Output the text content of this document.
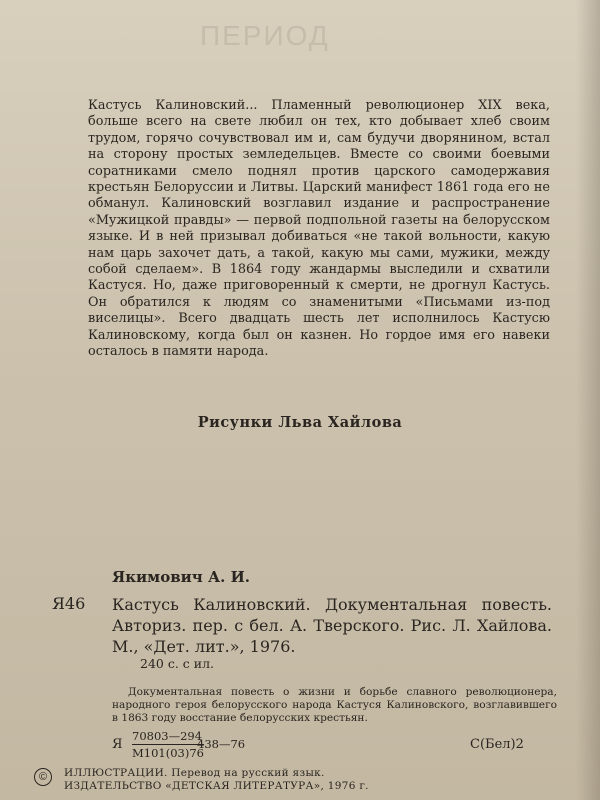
ПЕРИОД

Кастусь Калиновский... Пламенный революционер XIX века, больше всего на свете любил он тех, кто добывает хлеб своим трудом, горячо сочувствовал им и, сам будучи дворянином, встал на сторону простых земледельцев. Вместе со своими боевыми соратниками смело поднял против царского самодержавия крестьян Белоруссии и Литвы. Царский манифест 1861 года его не обманул. Калиновский возглавил издание и распространение «Мужицкой правды» — первой подпольной газеты на белорусском языке. И в ней призывал добиваться «не такой вольности, какую нам царь захочет дать, а такой, какую мы сами, мужики, между собой сделаем». В 1864 году жандармы выследили и схватили Кастуся. Но, даже приговоренный к смерти, не дрогнул Кастусь. Он обратился к людям со знаменитыми «Письмами из-под виселицы». Всего двадцать шесть лет исполнилось Кастусю Калиновскому, когда был он казнен. Но гордое имя его навеки осталось в памяти народа.

Рисунки Льва Хайлова
Якимович А. И.
Я46 Кастусь Калиновский. Документальная повесть. Авториз. пер. с бел. А. Тверского. Рис. Л. Хайлова. М., «Дет. лит.», 1976.
240 с. с ил.
Документальная повесть о жизни и борьбе славного революционера, народного героя белорусского народа Кастуся Калиновского, возглавившего в 1863 году восстание белорусских крестьян.
Я
70803—294
М101(03)76
438—76	С(Бел)2
©	ИЛЛЮСТРАЦИИ. Перевод на русский язык.
ИЗДАТЕЛЬСТВО «ДЕТСКАЯ ЛИТЕРАТУРА», 1976 г.
